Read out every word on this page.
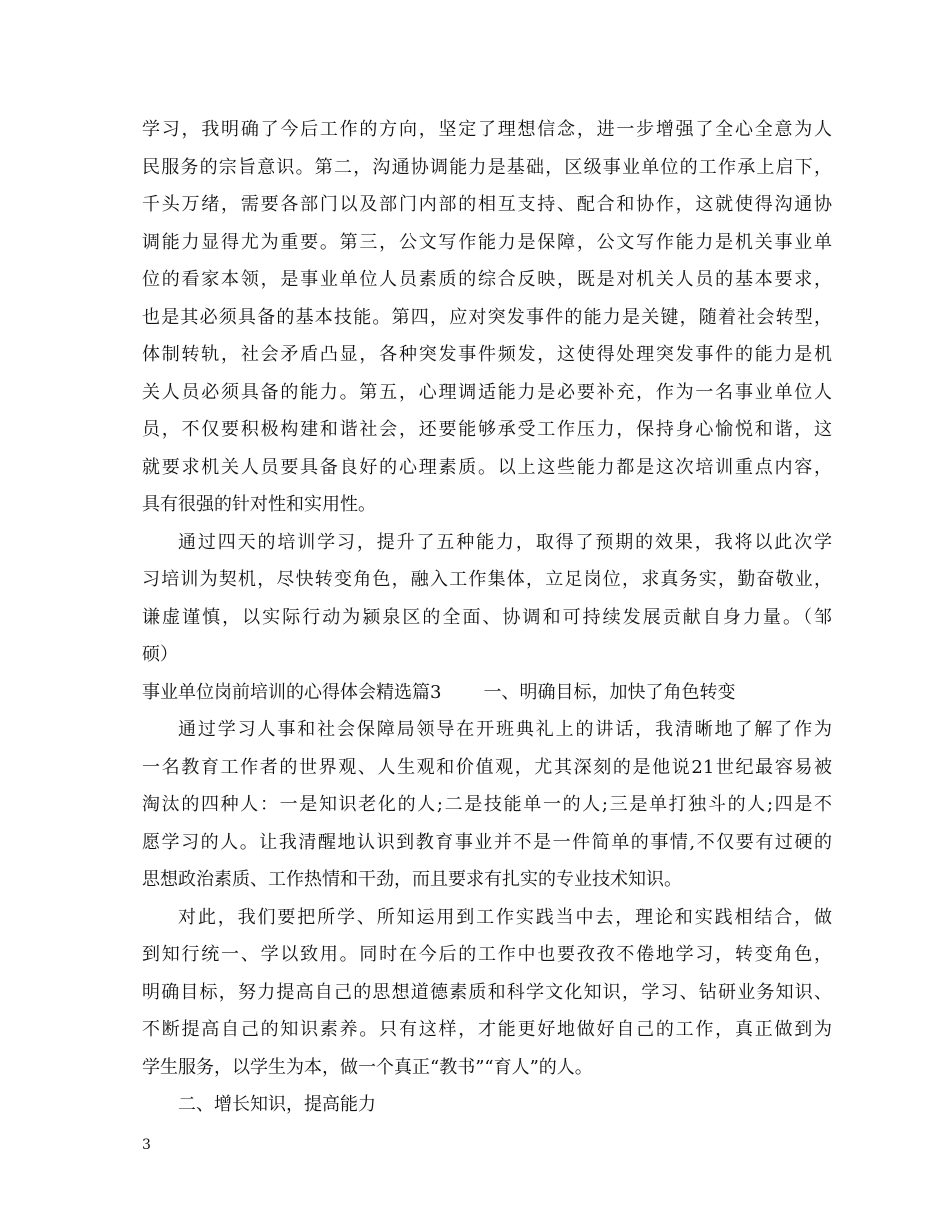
学习，我明确了今后工作的方向，坚定了理想信念，进一步增强了全心全意为人
民服务的宗旨意识。第二，沟通协调能力是基础，区级事业单位的工作承上启下，
千头万绪，需要各部门以及部门内部的相互支持、配合和协作，这就使得沟通协
调能力显得尤为重要。第三，公文写作能力是保障，公文写作能力是机关事业单
位的看家本领，是事业单位人员素质的综合反映，既是对机关人员的基本要求，
也是其必须具备的基本技能。第四，应对突发事件的能力是关键，随着社会转型，
体制转轨，社会矛盾凸显，各种突发事件频发，这使得处理突发事件的能力是机
关人员必须具备的能力。第五，心理调适能力是必要补充，作为一名事业单位人
员，不仅要积极构建和谐社会，还要能够承受工作压力，保持身心愉悦和谐，这
就要求机关人员要具备良好的心理素质。以上这些能力都是这次培训重点内容，
具有很强的针对性和实用性。
通过四天的培训学习，提升了五种能力，取得了预期的效果，我将以此次学
习培训为契机，尽快转变角色，融入工作集体，立足岗位，求真务实，勤奋敬业，
谦虚谨慎，以实际行动为颍泉区的全面、协调和可持续发展贡献自身力量。（邹
硕）
事业单位岗前培训的心得体会精选篇3 一、明确目标，加快了角色转变
通过学习人事和社会保障局领导在开班典礼上的讲话，我清晰地了解了作为
一名教育工作者的世界观、人生观和价值观，尤其深刻的是他说21世纪最容易被
淘汰的四种人：一是知识老化的人;二是技能单一的人;三是单打独斗的人;四是不
愿学习的人。让我清醒地认识到教育事业并不是一件简单的事情,不仅要有过硬的
思想政治素质、工作热情和干劲，而且要求有扎实的专业技术知识。
对此，我们要把所学、所知运用到工作实践当中去，理论和实践相结合，做
到知行统一、学以致用。同时在今后的工作中也要孜孜不倦地学习，转变角色，
明确目标，努力提高自己的思想道德素质和科学文化知识，学习、钻研业务知识、
不断提高自己的知识素养。只有这样，才能更好地做好自己的工作，真正做到为
学生服务，以学生为本，做一个真正“教书”“育人”的人。
二、增长知识，提高能力
3
